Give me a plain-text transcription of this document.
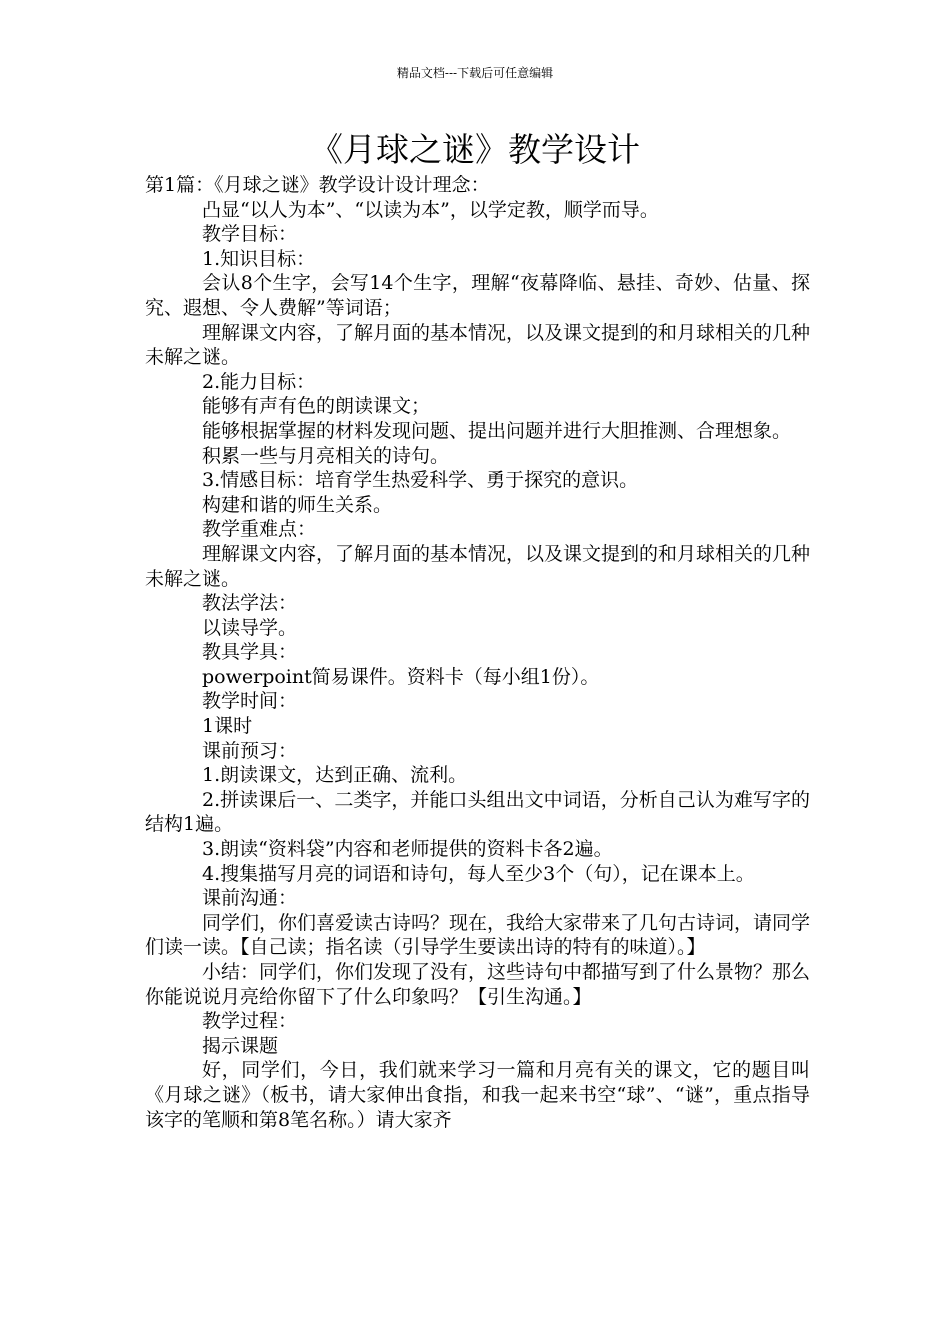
精品文档---下载后可任意编辑
《月球之谜》教学设计

第1篇：《月球之谜》教学设计设计理念：

凸显“以人为本”、“以读为本”，以学定教，顺学而导。

教学目标：

1.知识目标：

会认8个生字，会写14个生字，理解“夜幕降临、悬挂、奇妙、估量、探究、遐想、令人费解”等词语；

理解课文内容，了解月面的基本情况，以及课文提到的和月球相关的几种未解之谜。

2.能力目标：

能够有声有色的朗读课文；

能够根据掌握的材料发现问题、提出问题并进行大胆推测、合理想象。

积累一些与月亮相关的诗句。

3.情感目标：培育学生热爱科学、勇于探究的意识。

构建和谐的师生关系。

教学重难点：

理解课文内容，了解月面的基本情况，以及课文提到的和月球相关的几种未解之谜。

教法学法：

以读导学。

教具学具：

powerpoint简易课件。资料卡（每小组1份）。

教学时间：

1课时

课前预习：

1.朗读课文，达到正确、流利。

2.拼读课后一、二类字，并能口头组出文中词语，分析自己认为难写字的结构1遍。

3.朗读“资料袋”内容和老师提供的资料卡各2遍。

4.搜集描写月亮的词语和诗句，每人至少3个（句），记在课本上。

课前沟通：

同学们，你们喜爱读古诗吗？现在，我给大家带来了几句古诗词，请同学们读一读。【自己读；指名读（引导学生要读出诗的特有的味道）。】

小结：同学们，你们发现了没有，这些诗句中都描写到了什么景物？那么你能说说月亮给你留下了什么印象吗？【引生沟通。】

教学过程：

揭示课题

好，同学们，今日，我们就来学习一篇和月亮有关的课文，它的题目叫《月球之谜》（板书，请大家伸出食指，和我一起来书空“球”、“谜”，重点指导该字的笔顺和第8笔名称。）请大家齐
